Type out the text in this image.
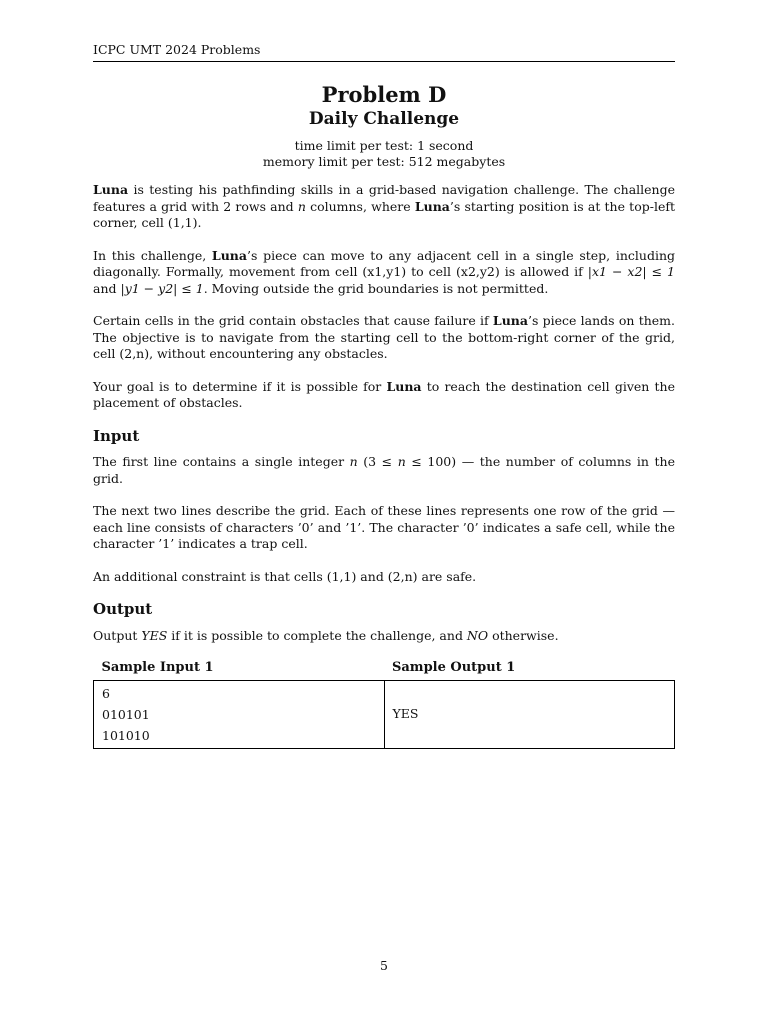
ICPC UMT 2024 Problems
Problem D
Daily Challenge
time limit per test: 1 second
memory limit per test: 512 megabytes

Luna is testing his pathfinding skills in a grid-based navigation challenge. The challenge features a grid with 2 rows and n columns, where Luna’s starting position is at the top-left corner, cell (1,1).

In this challenge, Luna’s piece can move to any adjacent cell in a single step, including diagonally. Formally, movement from cell (x1,y1) to cell (x2,y2) is allowed if |x1 − x2| ≤ 1 and |y1 − y2| ≤ 1. Moving outside the grid boundaries is not permitted.

Certain cells in the grid contain obstacles that cause failure if Luna’s piece lands on them. The objective is to navigate from the starting cell to the bottom-right corner of the grid, cell (2,n), without encountering any obstacles.

Your goal is to determine if it is possible for Luna to reach the destination cell given the placement of obstacles.

Input

The first line contains a single integer n (3 ≤ n ≤ 100) — the number of columns in the grid.

The next two lines describe the grid. Each of these lines represents one row of the grid — each line consists of characters ’0’ and ’1’. The character ’0’ indicates a safe cell, while the character ’1’ indicates a trap cell.

An additional constraint is that cells (1,1) and (2,n) are safe.

Output

Output YES if it is possible to complete the challenge, and NO otherwise.

Sample Input 1	Sample Output 1

6
010101
101010	YES
5
